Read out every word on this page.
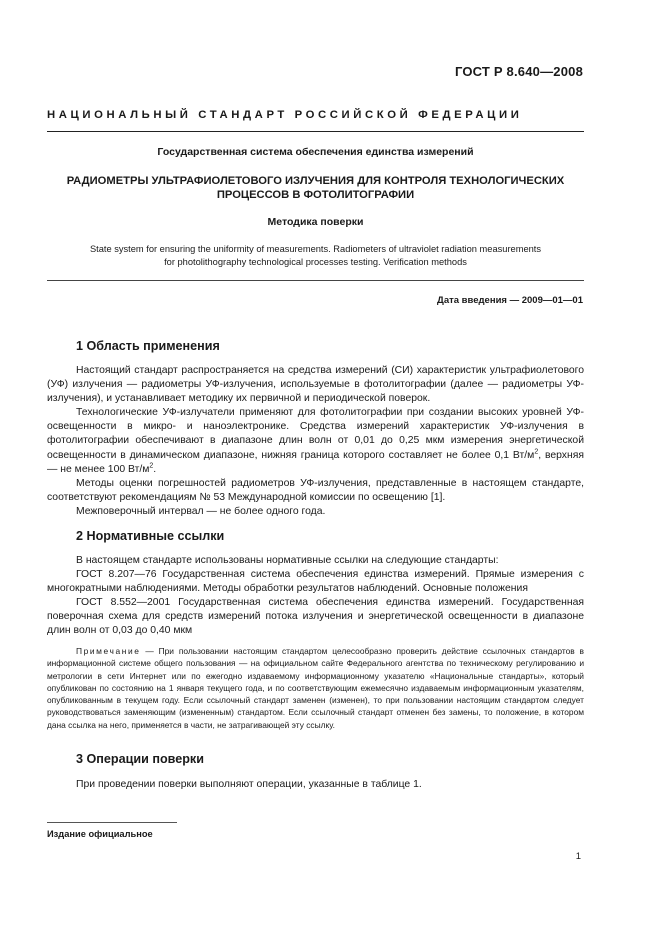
ГОСТ Р 8.640—2008
НАЦИОНАЛЬНЫЙ СТАНДАРТ РОССИЙСКОЙ ФЕДЕРАЦИИ
Государственная система обеспечения единства измерений
РАДИОМЕТРЫ УЛЬТРАФИОЛЕТОВОГО ИЗЛУЧЕНИЯ ДЛЯ КОНТРОЛЯ ТЕХНОЛОГИЧЕСКИХ
ПРОЦЕССОВ В ФОТОЛИТОГРАФИИ
Методика поверки
State system for ensuring the uniformity of measurements. Radiometers of ultraviolet radiation measurements
for photolithography technological processes testing. Verification methods
Дата введения — 2009—01—01
1 Область применения

Настоящий стандарт распространяется на средства измерений (СИ) характеристик ультрафиолетового (УФ) излучения — радиометры УФ-излучения, используемые в фотолитографии (далее — радиометры УФ-излучения), и устанавливает методику их первичной и периодической поверок.

Технологические УФ-излучатели применяют для фотолитографии при создании высоких уровней УФ-освещенности в микро- и наноэлектронике. Средства измерений характеристик УФ-излучения в фотолитографии обеспечивают в диапазоне длин волн от 0,01 до 0,25 мкм измерения энергетической освещенности в динамическом диапазоне, нижняя граница которого составляет не более 0,1 $Вт/м^2$, верхняя — не менее 100 $Вт/м^2$.

Методы оценки погрешностей радиометров УФ-излучения, представленные в настоящем стандарте, соответствуют рекомендациям № 53 Международной комиссии по освещению [1].

Межповерочный интервал — не более одного года.

2 Нормативные ссылки

В настоящем стандарте использованы нормативные ссылки на следующие стандарты:

ГОСТ 8.207—76 Государственная система обеспечения единства измерений. Прямые измерения с многократными наблюдениями. Методы обработки результатов наблюдений. Основные положения

ГОСТ 8.552—2001 Государственная система обеспечения единства измерений. Государственная поверочная схема для средств измерений потока излучения и энергетической освещенности в диапазоне длин волн от 0,03 до 0,40 мкм

Примечание — При пользовании настоящим стандартом целесообразно проверить действие ссылочных стандартов в информационной системе общего пользования — на официальном сайте Федерального агентства по техническому регулированию и метрологии в сети Интернет или по ежегодно издаваемому информационному указателю «Национальные стандарты», который опубликован по состоянию на 1 января текущего года, и по соответствующим ежемесячно издаваемым информационным указателям, опубликованным в текущем году. Если ссылочный стандарт заменен (изменен), то при пользовании настоящим стандартом следует руководствоваться заменяющим (измененным) стандартом. Если ссылочный стандарт отменен без замены, то положение, в котором дана ссылка на него, применяется в части, не затрагивающей эту ссылку.

3 Операции поверки

При проведении поверки выполняют операции, указанные в таблице 1.

Издание официальное
1
